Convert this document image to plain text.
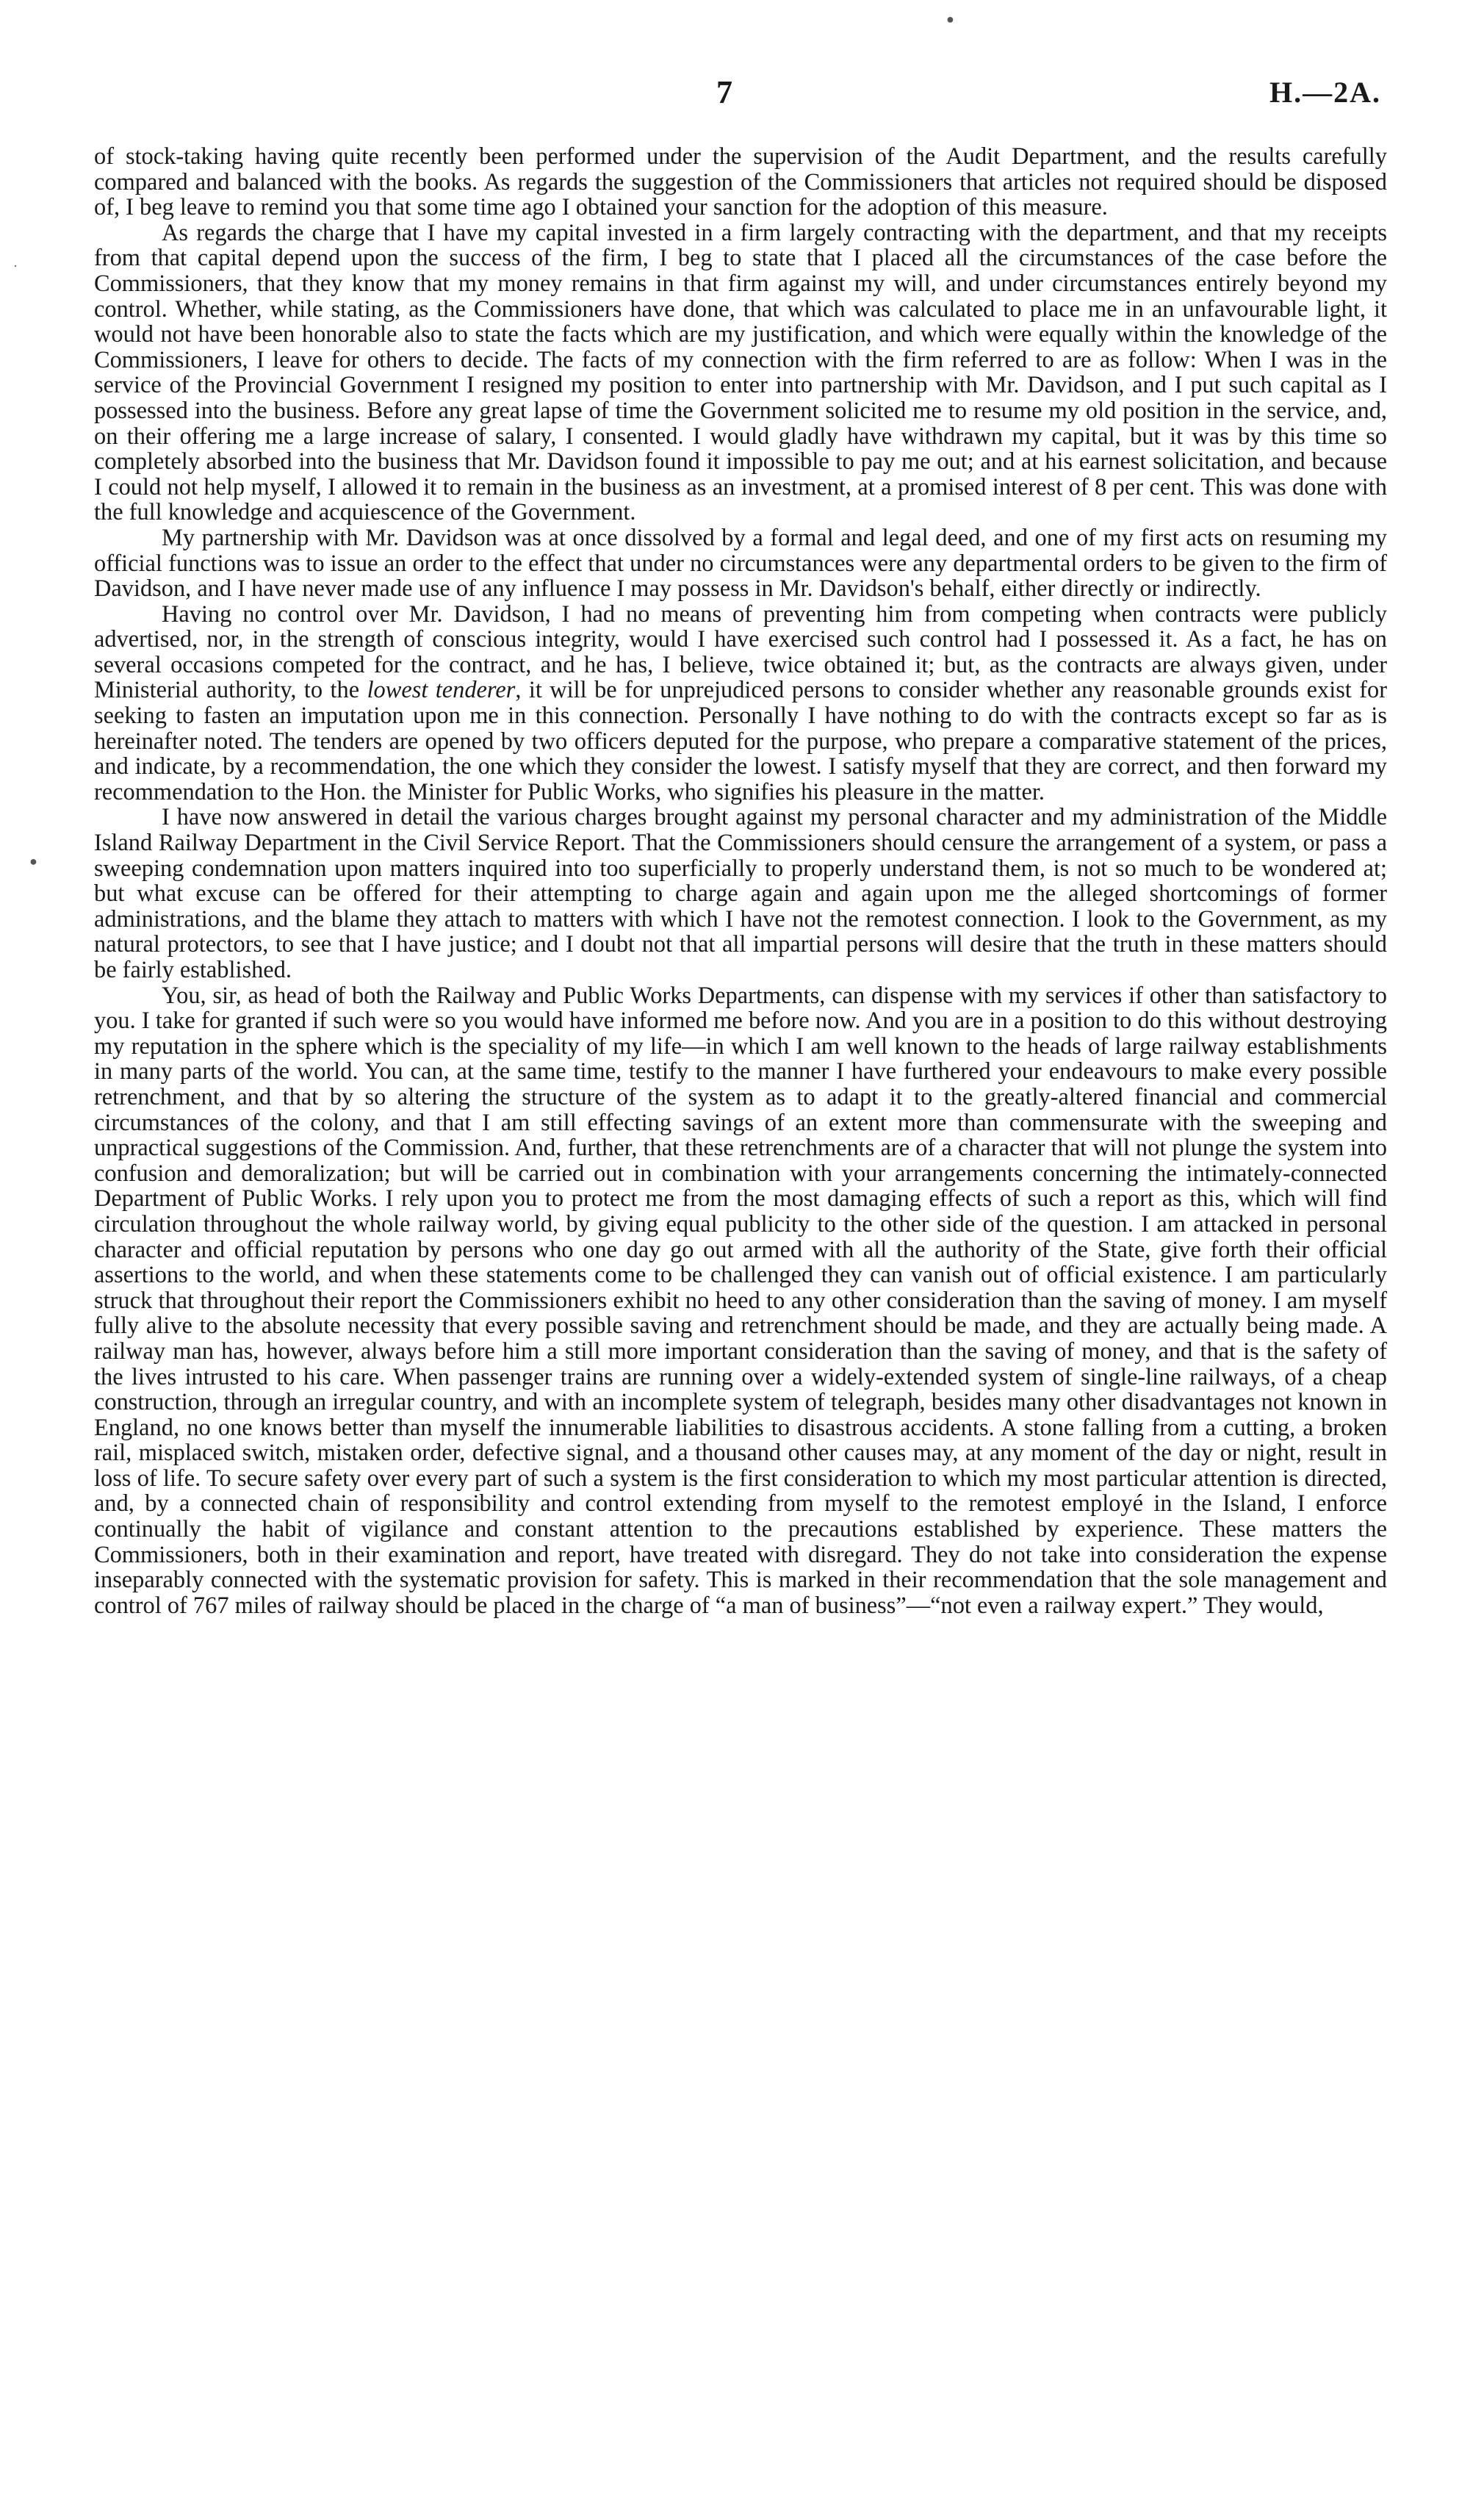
●
·
●
7	H.—2A.

of stock-taking having quite recently been performed under the supervision of the Audit Department, and the results carefully compared and balanced with the books. As regards the suggestion of the Commissioners that articles not required should be disposed of, I beg leave to remind you that some time ago I obtained your sanction for the adoption of this measure.

As regards the charge that I have my capital invested in a firm largely contracting with the department, and that my receipts from that capital depend upon the success of the firm, I beg to state that I placed all the circumstances of the case before the Commissioners, that they know that my money remains in that firm against my will, and under circumstances entirely beyond my control. Whether, while stating, as the Commissioners have done, that which was calculated to place me in an unfavourable light, it would not have been honorable also to state the facts which are my justification, and which were equally within the knowledge of the Commissioners, I leave for others to decide. The facts of my connection with the firm referred to are as follow: When I was in the service of the Provincial Government I resigned my position to enter into partnership with Mr. Davidson, and I put such capital as I possessed into the business. Before any great lapse of time the Government solicited me to resume my old position in the service, and, on their offering me a large increase of salary, I consented. I would gladly have withdrawn my capital, but it was by this time so completely absorbed into the business that Mr. Davidson found it impossible to pay me out; and at his earnest solicitation, and because I could not help myself, I allowed it to remain in the business as an investment, at a promised interest of 8 per cent. This was done with the full knowledge and acquiescence of the Government.

My partnership with Mr. Davidson was at once dissolved by a formal and legal deed, and one of my first acts on resuming my official functions was to issue an order to the effect that under no circumstances were any departmental orders to be given to the firm of Davidson, and I have never made use of any influence I may possess in Mr. Davidson's behalf, either directly or indirectly.

Having no control over Mr. Davidson, I had no means of preventing him from competing when contracts were publicly advertised, nor, in the strength of conscious integrity, would I have exercised such control had I possessed it. As a fact, he has on several occasions competed for the contract, and he has, I believe, twice obtained it; but, as the contracts are always given, under Ministerial authority, to the lowest tenderer, it will be for unprejudiced persons to consider whether any reasonable grounds exist for seeking to fasten an imputation upon me in this connection. Personally I have nothing to do with the contracts except so far as is hereinafter noted. The tenders are opened by two officers deputed for the purpose, who prepare a comparative statement of the prices, and indicate, by a recommendation, the one which they consider the lowest. I satisfy myself that they are correct, and then forward my recommendation to the Hon. the Minister for Public Works, who signifies his pleasure in the matter.

I have now answered in detail the various charges brought against my personal character and my administration of the Middle Island Railway Department in the Civil Service Report. That the Commissioners should censure the arrangement of a system, or pass a sweeping condemnation upon matters inquired into too superficially to properly understand them, is not so much to be wondered at; but what excuse can be offered for their attempting to charge again and again upon me the alleged shortcomings of former administrations, and the blame they attach to matters with which I have not the remotest connection. I look to the Government, as my natural protectors, to see that I have justice; and I doubt not that all impartial persons will desire that the truth in these matters should be fairly established.

You, sir, as head of both the Railway and Public Works Departments, can dispense with my services if other than satisfactory to you. I take for granted if such were so you would have informed me before now. And you are in a position to do this without destroying my reputation in the sphere which is the speciality of my life—in which I am well known to the heads of large railway establishments in many parts of the world. You can, at the same time, testify to the manner I have furthered your endeavours to make every possible retrenchment, and that by so altering the structure of the system as to adapt it to the greatly-altered financial and commercial circumstances of the colony, and that I am still effecting savings of an extent more than commensurate with the sweeping and unpractical suggestions of the Commission. And, further, that these retrenchments are of a character that will not plunge the system into confusion and demoralization; but will be carried out in combination with your arrangements concerning the intimately-connected Department of Public Works. I rely upon you to protect me from the most damaging effects of such a report as this, which will find circulation throughout the whole railway world, by giving equal publicity to the other side of the question. I am attacked in personal character and official reputation by persons who one day go out armed with all the authority of the State, give forth their official assertions to the world, and when these statements come to be challenged they can vanish out of official existence. I am particularly struck that throughout their report the Commissioners exhibit no heed to any other consideration than the saving of money. I am myself fully alive to the absolute necessity that every possible saving and retrenchment should be made, and they are actually being made. A railway man has, however, always before him a still more important consideration than the saving of money, and that is the safety of the lives intrusted to his care. When passenger trains are running over a widely-extended system of single-line railways, of a cheap construction, through an irregular country, and with an incomplete system of telegraph, besides many other disadvantages not known in England, no one knows better than myself the innumerable liabilities to disastrous accidents. A stone falling from a cutting, a broken rail, misplaced switch, mistaken order, defective signal, and a thousand other causes may, at any moment of the day or night, result in loss of life. To secure safety over every part of such a system is the first consideration to which my most particular attention is directed, and, by a connected chain of responsibility and control extending from myself to the remotest employé in the Island, I enforce continually the habit of vigilance and constant attention to the precautions established by experience. These matters the Commissioners, both in their examination and report, have treated with disregard. They do not take into consideration the expense inseparably connected with the systematic provision for safety. This is marked in their recommendation that the sole management and control of 767 miles of railway should be placed in the charge of “a man of business”—“not even a railway expert.” They would,
